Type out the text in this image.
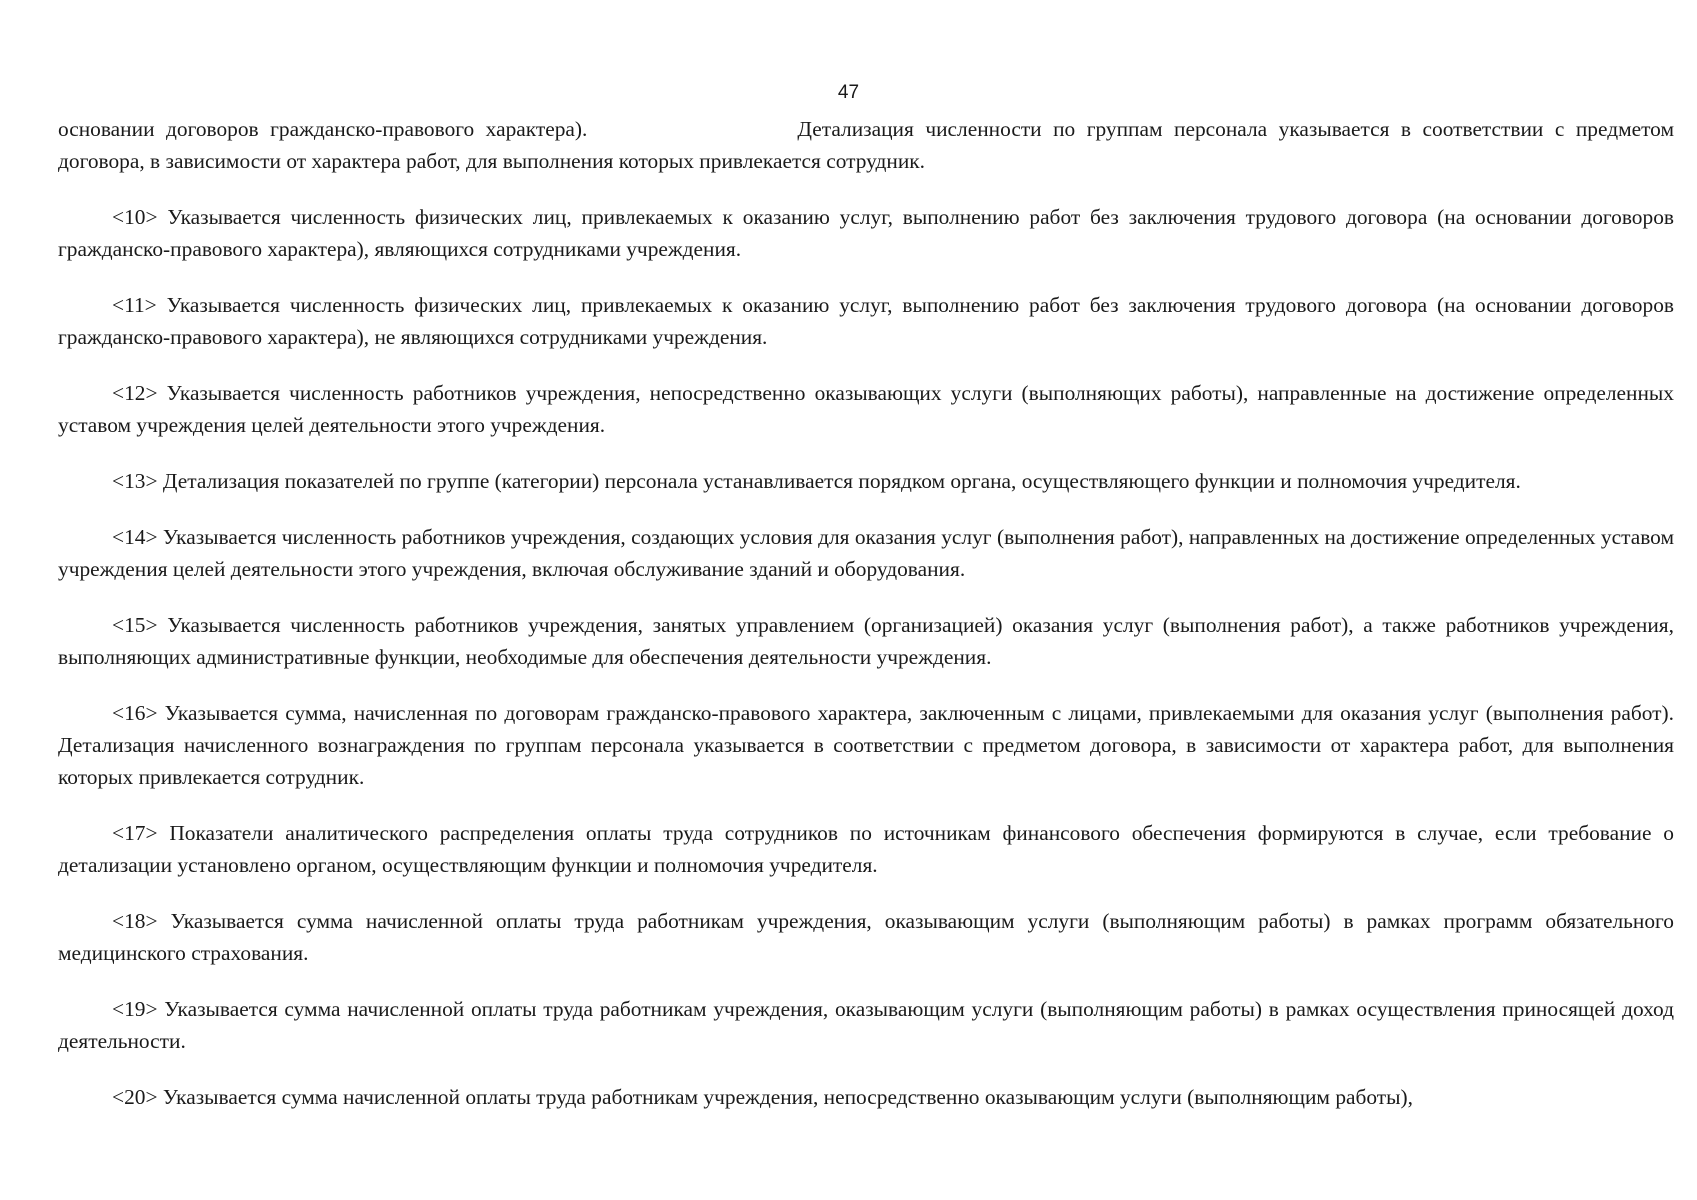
47

основании договоров гражданско-правового характера).	Детализация численности по группам персонала указывается в соответствии с предметом договора, в зависимости от характера работ, для выполнения которых привлекается сотрудник.

<10> Указывается численность физических лиц, привлекаемых к оказанию услуг, выполнению работ без заключения трудового договора (на основании договоров гражданско-правового характера), являющихся сотрудниками учреждения.

<11> Указывается численность физических лиц, привлекаемых к оказанию услуг, выполнению работ без заключения трудового договора (на основании договоров гражданско-правового характера), не являющихся сотрудниками учреждения.

<12> Указывается численность работников учреждения, непосредственно оказывающих услуги (выполняющих работы), направленные на достижение определенных уставом учреждения целей деятельности этого учреждения.

<13> Детализация показателей по группе (категории) персонала устанавливается порядком органа, осуществляющего функции и полномочия учредителя.

<14> Указывается численность работников учреждения, создающих условия для оказания услуг (выполнения работ), направленных на достижение определенных уставом учреждения целей деятельности этого учреждения, включая обслуживание зданий и оборудования.

<15> Указывается численность работников учреждения, занятых управлением (организацией) оказания услуг (выполнения работ), а также работников учреждения, выполняющих административные функции, необходимые для обеспечения деятельности учреждения.

<16> Указывается сумма, начисленная по договорам гражданско-правового характера, заключенным с лицами, привлекаемыми для оказания услуг (выполнения работ). Детализация начисленного вознаграждения по группам персонала указывается в соответствии с предметом договора, в зависимости от характера работ, для выполнения которых привлекается сотрудник.

<17> Показатели аналитического распределения оплаты труда сотрудников по источникам финансового обеспечения формируются в случае, если требование о детализации установлено органом, осуществляющим функции и полномочия учредителя.

<18> Указывается сумма начисленной оплаты труда работникам учреждения, оказывающим услуги (выполняющим работы) в рамках программ обязательного медицинского страхования.

<19> Указывается сумма начисленной оплаты труда работникам учреждения, оказывающим услуги (выполняющим работы) в рамках осуществления приносящей доход деятельности.

<20> Указывается сумма начисленной оплаты труда работникам учреждения, непосредственно оказывающим услуги (выполняющим работы),
